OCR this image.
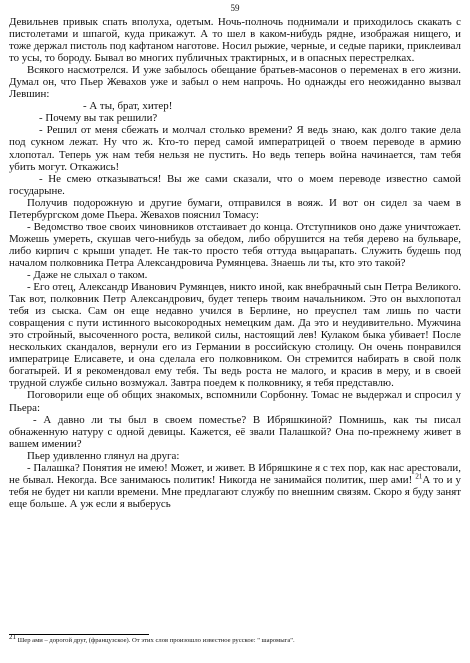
59

Девильнев привык спать вполуха, одетым. Ночь-полночь поднимали и приходилось скакать с пистолетами и шпагой, куда прикажут. А то шел в каком-нибудь рядне, изображая нищего, и тоже держал пистоль под кафтаном наготове. Носил рыжие, черные, и седые парики, приклеивал то усы, то бороду. Бывал во многих публичных трактирных, и в опасных перестрелках.

Всякого насмотрелся. И уже забылось обещание братьев-масонов о переменах в его жизни. Думал он, что Пьер Жевахов уже и забыл о нем напрочь. Но однажды его неожиданно вызвал Левшин:

- А ты, брат, хитер!

- Почему вы так решили?

- Решил от меня сбежать и молчал столько времени? Я ведь знаю, как долго такие дела под сукном лежат. Ну что ж. Кто-то перед самой императрицей о твоем переводе в армию хлопотал. Теперь уж нам тебя нельзя не пустить. Но ведь теперь война начинается, там тебя убить могут. Откажись!

- Не смею отказываться! Вы же сами сказали, что о моем переводе известно самой государыне.

Получив подорожную и другие бумаги, отправился в вояж. И вот он сидел за чаем в Петербургском доме Пьера. Жевахов пояснил Томасу:

- Ведомство твое своих чиновников отстаивает до конца. Отступников оно даже уничтожает. Можешь умереть, скушав чего-нибудь за обедом, либо обрушится на тебя дерево на бульваре, либо кирпич с крыши упадет. Не так-то просто тебя оттуда выцарапать. Служить будешь под началом полковника Петра Александровича Румянцева. Знаешь ли ты, кто это такой?

- Даже не слыхал о таком.

- Его отец, Александр Иванович Румянцев, никто иной, как внебрачный сын Петра Великого. Так вот, полковник Петр Александрович, будет теперь твоим начальником. Это он выхлопотал тебя из сыска. Сам он еще недавно учился в Берлине, но преуспел там лишь по части совращения с пути истинного высокородных немецким дам. Да это и неудивительно. Мужчина это стройный, высоченного роста, великой силы, настоящий лев! Кулаком быка убивает! После нескольких скандалов, вернули его из Германии в российскую столицу. Он очень понравился императрице Елисавете, и она сделала его полковником. Он стремится набирать в свой полк богатырей. И я рекомендовал ему тебя. Ты ведь роста не малого, и красив в меру, и в своей трудной службе сильно возмужал. Завтра поедем к полковнику, я тебя представлю.

Поговорили еще об общих знакомых, вспомнили Сорбонну. Томас не выдержал и спросил у Пьера:

- А давно ли ты был в своем поместье? В Ибряшкиной? Помнишь, как ты писал обнаженную натуру с одной девицы. Кажется, её звали Палашкой? Она по-прежнему живет в вашем имении?

Пьер удивленно глянул на друга:

- Палашка? Понятия не имею! Может, и живет. В Ибряшкине я с тех пор, как нас арестовали, не бывал. Некогда. Все занимаюсь политик! Никогда не занимайся политик, шер ами! $^{21}$А то и у тебя не будет ни капли времени. Мне предлагают службу по внешним связям. Скоро я буду занят еще больше. А уж если я выберусь

$^{21}$ Шер ами – дорогой друг, (французское). От этих слов произошло известное русское: " шаромыга".
